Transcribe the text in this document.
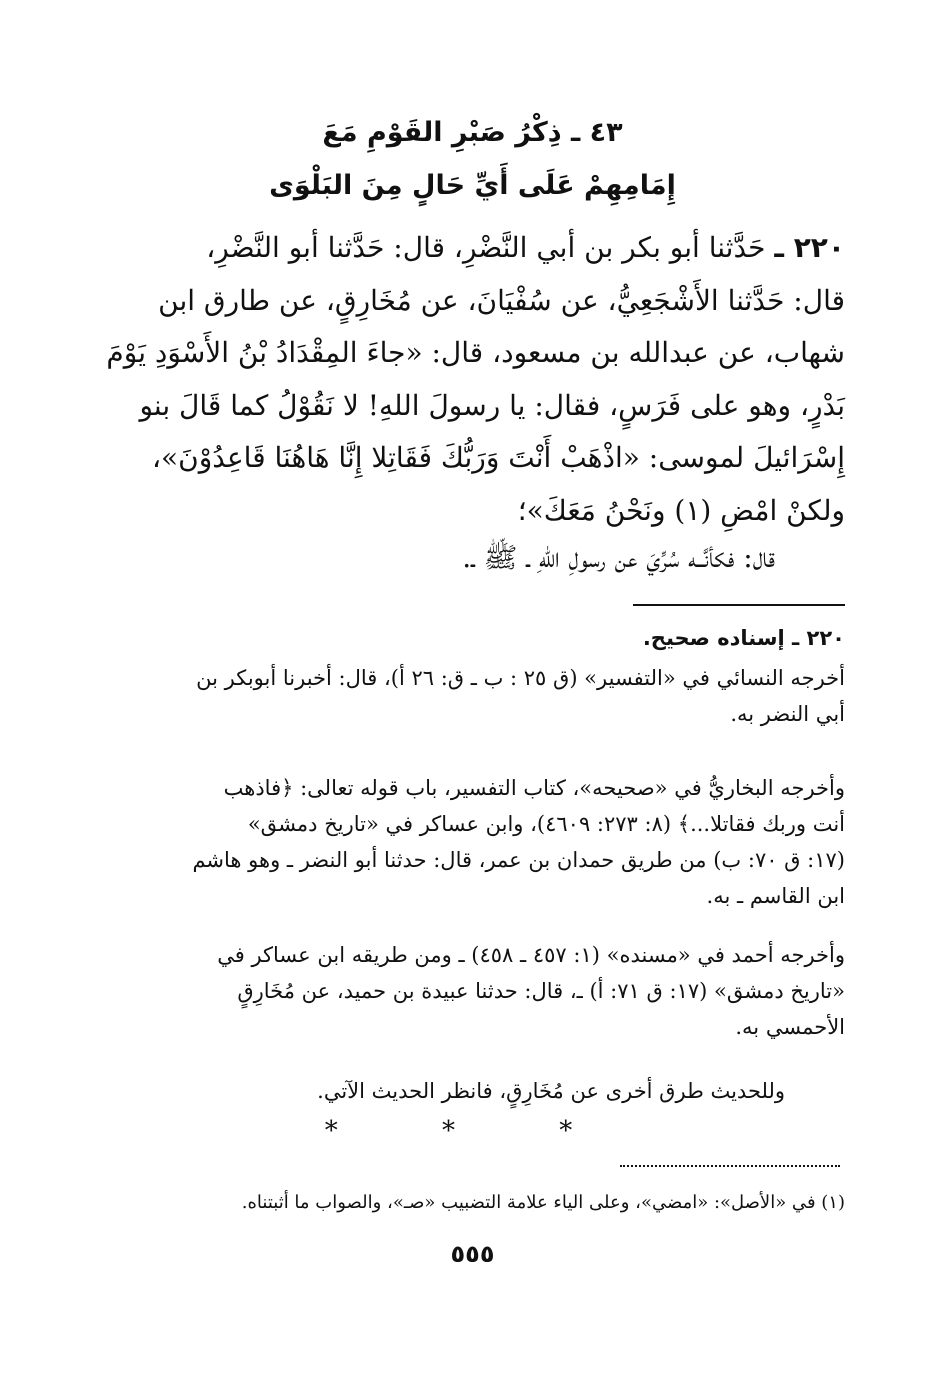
٤٣ ـ ذِكْرُ صَبْرِ القَوْمِ مَعَ
إِمَامِهِمْ عَلَى أَيِّ حَالٍ مِنَ البَلْوَى
٢٢٠ ـ حَدَّثنا أبو بكر بن أبي النَّضْرِ، قال: حَدَّثنا أبو النَّضْرِ،
قال: حَدَّثنا الأَشْجَعِيُّ، عن سُفْيَانَ، عن مُخَارِقٍ، عن طارق ابن
شهاب، عن عبدالله بن مسعود، قال: «جاءَ المِقْدَادُ بْنُ الأَسْوَدِ يَوْمَ
بَدْرٍ، وهو على فَرَسٍ، فقال: يا رسولَ اللهِ! لا نَقُوْلُ كما قَالَ بنو
إِسْرَائيلَ لموسى: «اذْهَبْ أَنْتَ وَرَبُّكَ فَقَاتِلا إِنَّا هَاهُنَا قَاعِدُوْنَ»،
ولكنْ امْضِ (١) ونَحْنُ مَعَكَ»؛
قال: فكأنَّــه سُرِّيَ عن رسولِ اللهِ ـ ﷺ ـ.
٢٢٠ ـ إسناده صحيح.
أخرجه النسائي في «التفسير» (ق ٢٥ : ب ـ ق: ٢٦ أ)، قال: أخبرنا أبوبكر بن
أبي النضر به.
وأخرجه البخاريُّ في «صحيحه»، كتاب التفسير، باب قوله تعالى: ﴿فاذهب
أنت وربك فقاتلا...﴾ (٨: ٢٧٣: ٤٦٠٩)، وابن عساكر في «تاريخ دمشق»
(١٧: ق ٧٠: ب) من طريق حمدان بن عمر، قال: حدثنا أبو النضر ـ وهو هاشم
ابن القاسم ـ به.
وأخرجه أحمد في «مسنده» (١: ٤٥٧ ـ ٤٥٨) ـ ومن طريقه ابن عساكر في
«تاريخ دمشق» (١٧: ق ٧١: أ) ـ، قال: حدثنا عبيدة بن حميد، عن مُخَارِقٍ
الأحمسي به.
وللحديث طرق أخرى عن مُخَارِقٍ، فانظر الحديث الآتي.
* * *
(١) في «الأصل»: «امضي»، وعلى الياء علامة التضبيب «صـ»، والصواب ما أثبتناه.
٥٥٥
